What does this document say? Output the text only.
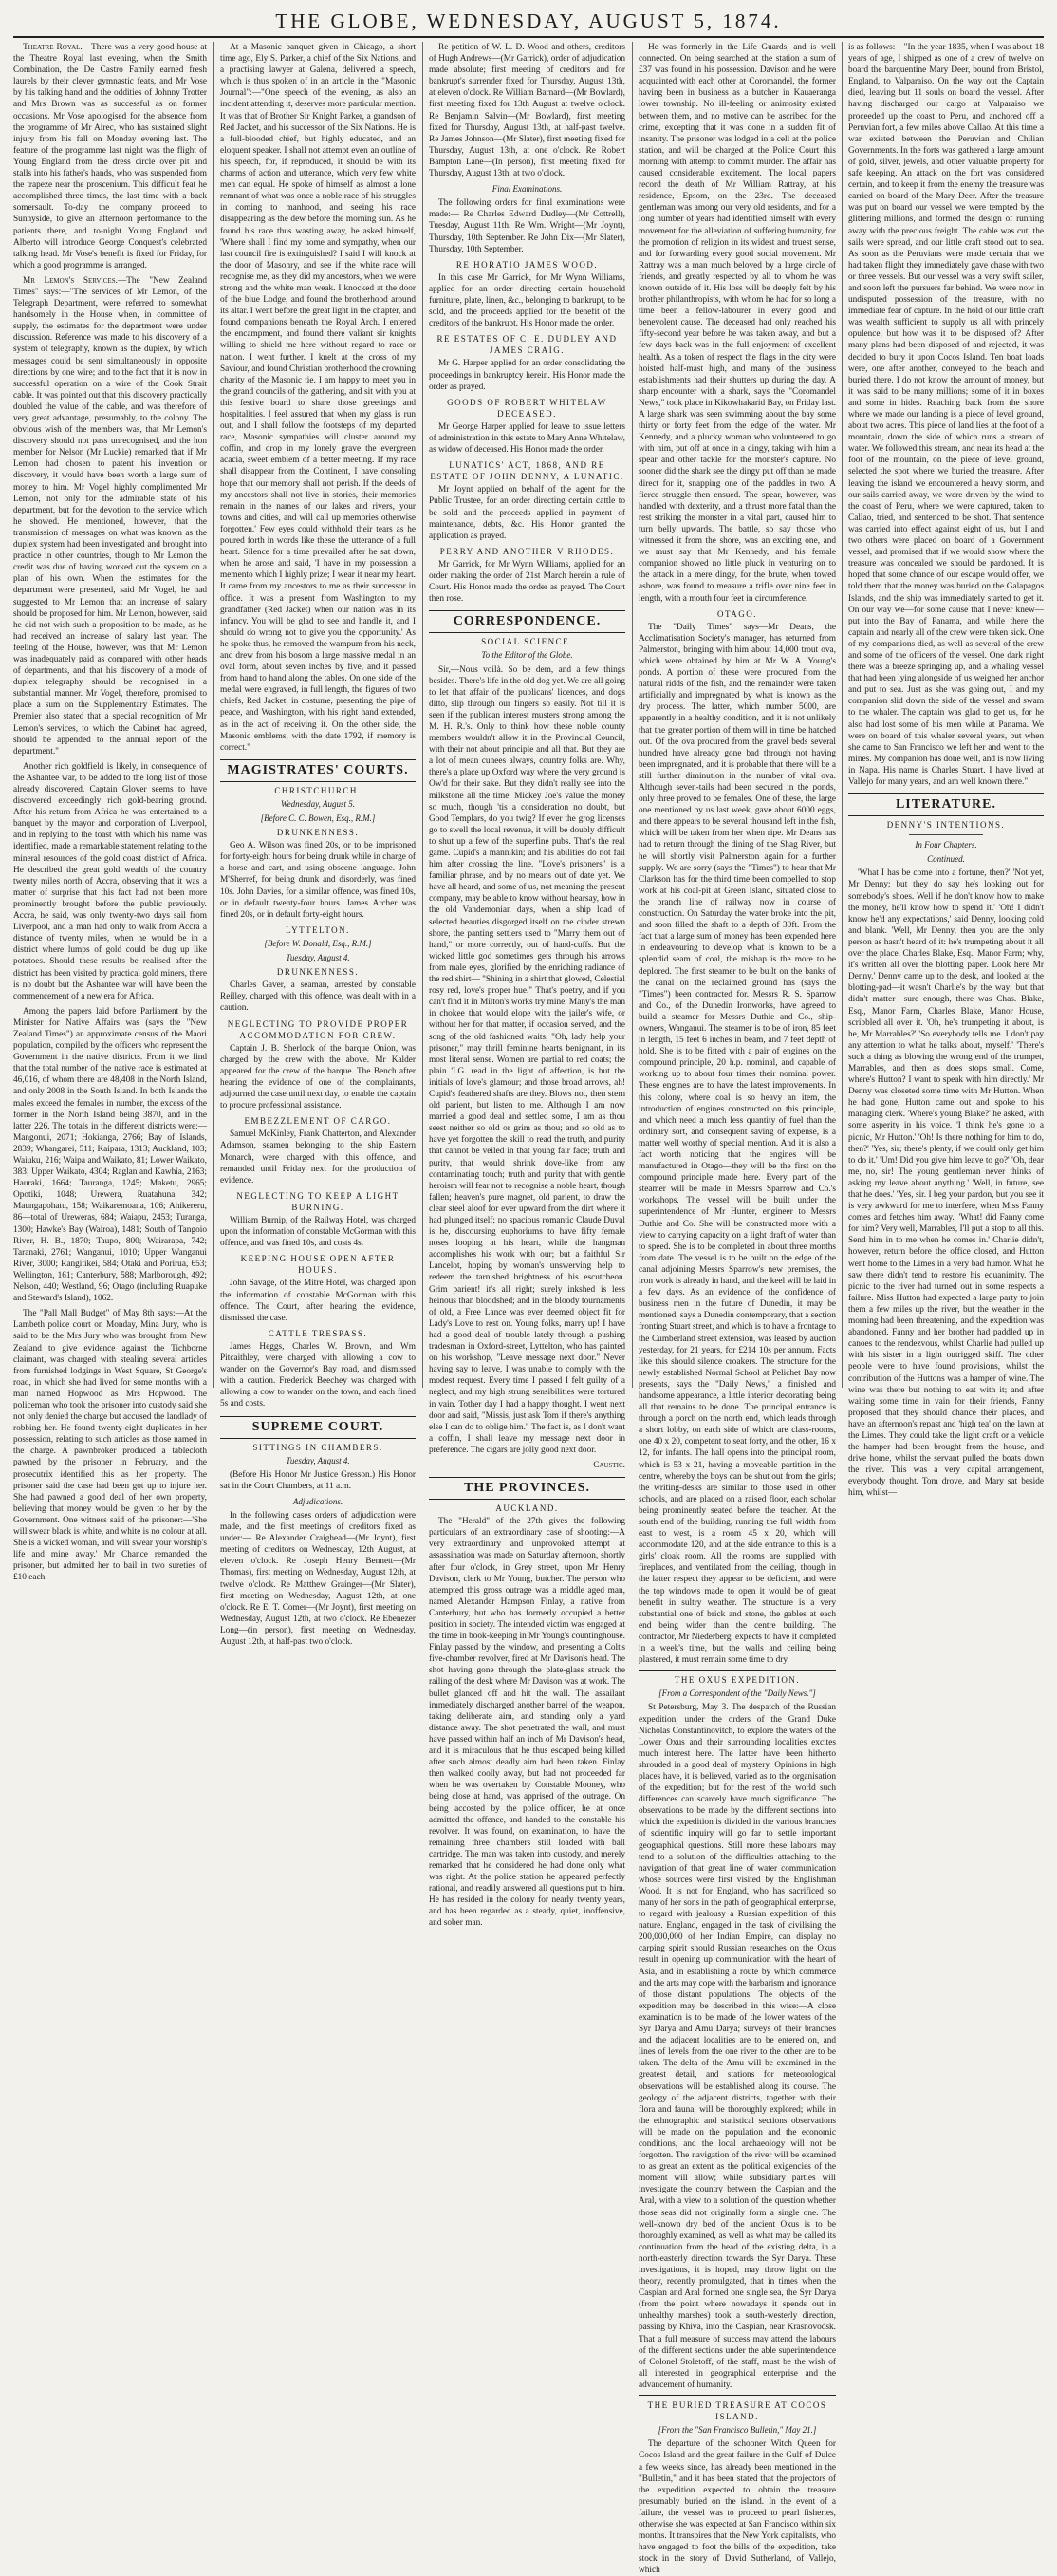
THE GLOBE, WEDNESDAY, AUGUST 5, 1874.

Theatre Royal.—There was a very good house at the Theatre Royal last evening, when the Smith Combination, the De Castro Family earned fresh laurels by their clever gymnastic feats, and Mr Vose by his talking hand and the oddities of Johnny Trotter and Mrs Brown was as successful as on former occasions. Mr Vose apologised for the absence from the programme of Mr Airec, who has sustained slight injury from his fall on Monday evening last. The feature of the programme last night was the flight of Young England from the dress circle over pit and stalls into his father's hands, who was suspended from the trapeze near the proscenium. This difficult feat he accomplished three times, the last time with a back somersault. To-day the company proceed to Sunnyside, to give an afternoon performance to the patients there, and to-night Young England and Alberto will introduce George Conquest's celebrated talking head. Mr Vose's benefit is fixed for Friday, for which a good programme is arranged.

Mr Lemon's Services.—The "New Zealand Times" says:—"The services of Mr Lemon, of the Telegraph Department, were referred to somewhat handsomely in the House when, in committee of supply, the estimates for the department were under discussion. Reference was made to his discovery of a system of telegraphy, known as the duplex, by which messages could be sent simultaneously in opposite directions by one wire; and to the fact that it is now in successful operation on a wire of the Cook Strait cable. It was pointed out that this discovery practically doubled the value of the cable, and was therefore of very great advantage, presumably, to the colony. The obvious wish of the members was, that Mr Lemon's discovery should not pass unrecognised, and the hon member for Nelson (Mr Luckie) remarked that if Mr Lemon had chosen to patent his invention or discovery, it would have been worth a large sum of money to him. Mr Vogel highly complimented Mr Lemon, not only for the admirable state of his department, but for the devotion to the service which he showed. He mentioned, however, that the transmission of messages on what was known as the duplex system had been investigated and brought into practice in other countries, though to Mr Lemon the credit was due of having worked out the system on a plan of his own. When the estimates for the department were presented, said Mr Vogel, he had suggested to Mr Lemon that an increase of salary should be proposed for him. Mr Lemon, however, said he did not wish such a proposition to be made, as he had received an increase of salary last year. The feeling of the House, however, was that Mr Lemon was inadequately paid as compared with other heads of departments, and that his discovery of a mode of duplex telegraphy should be recognised in a substantial manner. Mr Vogel, therefore, promised to place a sum on the Supplementary Estimates. The Premier also stated that a special recognition of Mr Lemon's services, to which the Cabinet had agreed, should be appended to the annual report of the department."

Another rich goldfield is likely, in consequence of the Ashantee war, to be added to the long list of those already discovered. Captain Glover seems to have discovered exceedingly rich gold-bearing ground. After his return from Africa he was entertained to a banquet by the mayor and corporation of Liverpool, and in replying to the toast with which his name was identified, made a remarkable statement relating to the mineral resources of the gold coast district of Africa. He described the great gold wealth of the country twenty miles north of Accra, observing that it was a matter of surprise that this fact had not been more prominently brought before the public previously. Accra, he said, was only twenty-two days sail from Liverpool, and a man had only to walk from Accra a distance of twenty miles, when he would be in a district where lumps of gold could be dug up like potatoes. Should these results be realised after the district has been visited by practical gold miners, there is no doubt but the Ashantee war will have been the commencement of a new era for Africa.

Among the papers laid before Parliament by the Minister for Native Affairs was (says the "New Zealand Times") an approximate census of the Maori population, compiled by the officers who represent the Government in the native districts. From it we find that the total number of the native race is estimated at 46,016, of whom there are 48,408 in the North Island, and only 2008 in the South Island. In both Islands the males exceed the females in number, the excess of the former in the North Island being 3870, and in the latter 226. The totals in the different districts were:—Mangonui, 2071; Hokianga, 2766; Bay of Islands, 2839; Whangarei, 511; Kaipara, 1313; Auckland, 103; Waiuku, 216; Waipa and Waikato, 81; Lower Waikato, 383; Upper Waikato, 4304; Raglan and Kawhia, 2163; Hauraki, 1664; Tauranga, 1245; Maketu, 2965; Opotiki, 1048; Urewera, Ruatahuna, 342; Maungapohatu, 158; Waikaremoana, 106; Ahikereru, 86—total of Ureweras, 684; Waiapu, 2453; Turanga, 1300; Hawke's Bay (Wairoa), 1481; South of Tangoio River, H. B., 1870; Taupo, 800; Wairarapa, 742; Taranaki, 2761; Wanganui, 1010; Upper Wanganui River, 3000; Rangitikei, 584; Otaki and Porirua, 653; Wellington, 161; Canterbury, 588; Marlborough, 492; Nelson, 440; Westland, 96; Otago (including Ruapuke and Steward's Island), 1062.

The "Pall Mall Budget" of May 8th says:—At the Lambeth police court on Monday, Mina Jury, who is said to be the Mrs Jury who was brought from New Zealand to give evidence against the Tichborne claimant, was charged with stealing several articles from furnished lodgings in West Square, St George's road, in which she had lived for some months with a man named Hopwood as Mrs Hopwood. The policeman who took the prisoner into custody said she not only denied the charge but accused the landlady of robbing her. He found twenty-eight duplicates in her possession, relating to such articles as those named in the charge. A pawnbroker produced a tablecloth pawned by the prisoner in February, and the prosecutrix identified this as her property. The prisoner said the case had been got up to injure her. She had pawned a good deal of her own property, believing that money would be given to her by the Government. One witness said of the prisoner:—'She will swear black is white, and white is no colour at all. She is a wicked woman, and will swear your worship's life and mine away.' Mr Chance remanded the prisoner, but admitted her to bail in two sureties of £10 each.

At a Masonic banquet given in Chicago, a short time ago, Ely S. Parker, a chief of the Six Nations, and a practising lawyer at Galena, delivered a speech, which is thus spoken of in an article in the "Masonic Journal":—"One speech of the evening, as also an incident attending it, deserves more particular mention. It was that of Brother Sir Knight Parker, a grandson of Red Jacket, and his successor of the Six Nations. He is a full-blooded chief, but highly educated, and an eloquent speaker. I shall not attempt even an outline of his speech, for, if reproduced, it should be with its charms of action and utterance, which very few white men can equal. He spoke of himself as almost a lone remnant of what was once a noble race of his struggles in coming to manhood, and seeing his race disappearing as the dew before the morning sun. As he found his race thus wasting away, he asked himself, 'Where shall I find my home and sympathy, when our last council fire is extinguished? I said I will knock at the door of Masonry, and see if the white race will recognise me, as they did my ancestors, when we were strong and the white man weak. I knocked at the door of the blue Lodge, and found the brotherhood around its altar. I went before the great light in the chapter, and found companions beneath the Royal Arch. I entered the encampment, and found there valiant sir knights willing to shield me here without regard to race or nation. I went further. I knelt at the cross of my Saviour, and found Christian brotherhood the crowning charity of the Masonic tie. I am happy to meet you in the grand councils of the gathering, and sit with you at this festive board to share those greetings and hospitalities. I feel assured that when my glass is run out, and I shall follow the footsteps of my departed race, Masonic sympathies will cluster around my coffin, and drop in my lonely grave the evergreen acacia, sweet emblem of a better meeting. If my race shall disappear from the Continent, I have consoling hope that our memory shall not perish. If the deeds of my ancestors shall not live in stories, their memories remain in the names of our lakes and rivers, your towns and cities, and will call up memories otherwise forgotten.' Few eyes could withhold their tears as he poured forth in words like these the utterance of a full heart. Silence for a time prevailed after he sat down, when he arose and said, 'I have in my possession a memento which I highly prize; I wear it near my heart. It came from my ancestors to me as their successor in office. It was a present from Washington to my grandfather (Red Jacket) when our nation was in its infancy. You will be glad to see and handle it, and I should do wrong not to give you the opportunity.' As he spoke thus, he removed the wampum from his neck, and drew from his bosom a large massive medal in an oval form, about seven inches by five, and it passed from hand to hand along the tables. On one side of the medal were engraved, in full length, the figures of two chiefs, Red Jacket, in costume, presenting the pipe of peace, and Washington, with his right hand extended, as in the act of receiving it. On the other side, the Masonic emblems, with the date 1792, if memory is correct."

MAGISTRATES' COURTS.
CHRISTCHURCH.
Wednesday, August 5.
[Before C. C. Bowen, Esq., R.M.]
DRUNKENNESS.

Geo A. Wilson was fined 20s, or to be imprisoned for forty-eight hours for being drunk while in charge of a horse and cart, and using obscene language. John M'Sherref, for being drunk and disorderly, was fined 10s. John Davies, for a similar offence, was fined 10s, or in default twenty-four hours. James Archer was fined 20s, or in default forty-eight hours.

LYTTELTON.
[Before W. Donald, Esq., R.M.]
Tuesday, August 4.
DRUNKENNESS.

Charles Gaver, a seaman, arrested by constable Reilley, charged with this offence, was dealt with in a caution.

NEGLECTING TO PROVIDE PROPER ACCOMMODATION FOR CREW.

Captain J. B. Sherlock of the barque Onion, was charged by the crew with the above. Mr Kalder appeared for the crew of the barque. The Bench after hearing the evidence of one of the complainants, adjourned the case until next day, to enable the captain to procure professional assistance.

EMBEZZLEMENT OF CARGO.

Samuel McKinley, Frank Chatterton, and Alexander Adamson, seamen belonging to the ship Eastern Monarch, were charged with this offence, and remanded until Friday next for the production of evidence.

NEGLECTING TO KEEP A LIGHT BURNING.

William Burnip, of the Railway Hotel, was charged upon the information of constable McGorman with this offence, and was fined 10s, and costs 4s.

KEEPING HOUSE OPEN AFTER HOURS.

John Savage, of the Mitre Hotel, was charged upon the information of constable McGorman with this offence. The Court, after hearing the evidence, dismissed the case.

CATTLE TRESPASS.

James Heggs, Charles W. Brown, and Wm Pitcaithley, were charged with allowing a cow to wander on the Governor's Bay road, and dismissed with a caution. Frederick Beechey was charged with allowing a cow to wander on the town, and each fined 5s and costs.

SUPREME COURT.
SITTINGS IN CHAMBERS.
Tuesday, August 4.

(Before His Honor Mr Justice Gresson.) His Honor sat in the Court Chambers, at 11 a.m.

Adjudications.

In the following cases orders of adjudication were made, and the first meetings of creditors fixed as under:— Re Alexander Craighead—(Mr Joynt), first meeting of creditors on Wednesday, 12th August, at eleven o'clock. Re Joseph Henry Bennett—(Mr Thomas), first meeting on Wednesday, August 12th, at twelve o'clock. Re Matthew Grainger—(Mr Slater), first meeting on Wednesday, August 12th, at one o'clock. Re E. T. Comer—(Mr Joynt), first meeting on Wednesday, August 12th, at two o'clock. Re Ebenezer Long—(in person), first meeting on Wednesday, August 12th, at half-past two o'clock.

Re petition of W. L. D. Wood and others, creditors of Hugh Andrews—(Mr Garrick), order of adjudication made absolute; first meeting of creditors and for bankrupt's surrender fixed for Thursday, August 13th, at eleven o'clock. Re William Barnard—(Mr Bowlard), first meeting fixed for 13th August at twelve o'clock. Re Benjamin Salvin—(Mr Bowlard), first meeting fixed for Thursday, August 13th, at half-past twelve. Re James Johnson—(Mr Slater), first meeting fixed for Thursday, August 13th, at one o'clock. Re Robert Bampton Lane—(In person), first meeting fixed for Thursday, August 13th, at two o'clock.

Final Examinations.

The following orders for final examinations were made:— Re Charles Edward Dudley—(Mr Cottrell), Tuesday, August 11th. Re Wm. Wright—(Mr Joynt), Thursday, 10th September. Re John Dix—(Mr Slater), Thursday, 10th September.

RE HORATIO JAMES WOOD.

In this case Mr Garrick, for Mr Wynn Williams, applied for an order directing certain household furniture, plate, linen, &c., belonging to bankrupt, to be sold, and the proceeds applied for the benefit of the creditors of the bankrupt. His Honor made the order.

RE ESTATES OF C. E. DUDLEY AND JAMES CRAIG.

Mr G. Harper applied for an order consolidating the proceedings in bankruptcy herein. His Honor made the order as prayed.

GOODS OF ROBERT WHITELAW DECEASED.

Mr George Harper applied for leave to issue letters of administration in this estate to Mary Anne Whitelaw, as widow of deceased. His Honor made the order.

LUNATICS' ACT, 1868, AND RE ESTATE OF JOHN DENNY, A LUNATIC.

Mr Joynt applied on behalf of the agent for the Public Trustee, for an order directing certain cattle to be sold and the proceeds applied in payment of maintenance, debts, &c. His Honor granted the application as prayed.

PERRY AND ANOTHER V RHODES.

Mr Garrick, for Mr Wynn Williams, applied for an order making the order of 21st March herein a rule of Court. His Honor made the order as prayed. The Court then rose.

CORRESPONDENCE.
SOCIAL SCIENCE.
To the Editor of the Globe.

Sir,—Nous voilà. So be dem, and a few things besides. There's life in the old dog yet. We are all going to let that affair of the publicans' licences, and dogs ditto, slip through our fingers so easily. Not till it is seen if the publican interest musters strong among the M. H. R.'s. Only to think how these noble county members wouldn't allow it in the Provincial Council, with their not about principle and all that. But they are a lot of mean cunees always, country folks are. Why, there's a place up Oxford way where the very ground is Ow'd for their sake. But they didn't really see into the milkstone all the time. Mickey Joe's value the money so much, though 'tis a consideration no doubt, but Good Templars, do you twig? If ever the grog licenses go to swell the local revenue, it will be doubly difficult to shut up a few of the superfine pubs. That's the real game. Cupid's a mannikin; and his abilities do not fail him after crossing the line. "Love's prisoners" is a familiar phrase, and by no means out of date yet. We have all heard, and some of us, not meaning the present company, may be able to know without hearsay, how in the old Vandemonian days, when a ship load of selected beauties disgorged itself on the cinder strewn shore, the panting settlers used to "Marry them out of hand," or more correctly, out of hand-cuffs. But the wicked little god sometimes gets through his arrows from male eyes, glorified by the enriching radiance of the red shirt— "Shining in a shirt that glowed, Celestial rosy red, love's proper hue." That's poetry, and if you can't find it in Milton's works try mine. Many's the man in chokee that would elope with the jailer's wife, or without her for that matter, if occasion served, and the song of the old fashioned waits, "Oh, lady help your prisoner," may thrill feminine hearts benignant, in its most literal sense. Women are partial to red coats; the plain 'I.G. read in the light of affection, is but the initials of love's glamour; and those broad arrows, ah! Cupid's feathered shafts are they. Blows not, then stern old parient, but listen to me. Although I am now married a good deal and settled some, I am as thou seest neither so old or grim as thou; and so old as to have yet forgotten the skill to read the truth, and purity that cannot be veiled in that young fair face; truth and purity, that would shrink dove-like from any contaminating touch; truth and purity that with gentle heroism will fear not to recognise a noble heart, though fallen; heaven's pure magnet, old parient, to draw the clear steel aloof for ever upward from the dirt where it had plunged itself; no spacious romantic Claude Duval is he, discoursing euphoriums to have fifty female noses looping at his heart, while the hangman accomplishes his work with our; but a faithful Sir Lancelot, hoping by woman's unswerving help to redeem the tarnished brightness of his escutcheon. Grim parient! it's all right; surely inkshed is less heinous than bloodshed; and in the bloody tournaments of old, a Free Lance was ever deemed object fit for Lady's Love to rest on. Young folks, marry up! I have had a good deal of trouble lately through a pushing tradesman in Oxford-street, Lyttelton, who has painted on his workshop, "Leave message next door." Never having say to leave, I was unable to comply with the modest request. Every time I passed I felt guilty of a neglect, and my high strung sensibilities were tortured in vain. Tother day I had a happy thought. I went next door and said, "Missis, just ask Tom if there's anything else I can do to oblige him." The fact is, as I don't want a coffin, I shall leave my message next door in preference. The cigars are jolly good next door.

Caustic.
THE PROVINCES.
AUCKLAND.

The "Herald" of the 27th gives the following particulars of an extraordinary case of shooting:—A very extraordinary and unprovoked attempt at assassination was made on Saturday afternoon, shortly after four o'clock, in Grey street, upon Mr Henry Davison, clerk to Mr Young, butcher. The person who attempted this gross outrage was a middle aged man, named Alexander Hampson Finlay, a native from Canterbury, but who has formerly occupied a better position in society. The intended victim was engaged at the time in book-keeping in Mr Young's countinghouse. Finlay passed by the window, and presenting a Colt's five-chamber revolver, fired at Mr Davison's head. The shot having gone through the plate-glass struck the railing of the desk where Mr Davison was at work. The bullet glanced off and hit the wall. The assailant immediately discharged another barrel of the weapon, taking deliberate aim, and standing only a yard distance away. The shot penetrated the wall, and must have passed within half an inch of Mr Davison's head, and it is miraculous that he thus escaped being killed after such almost deadly aim had been taken. Finlay then walked coolly away, but had not proceeded far when he was overtaken by Constable Mooney, who being close at hand, was apprised of the outrage. On being accosted by the police officer, he at once admitted the offence, and handed to the constable his revolver. It was found, on examination, to have the remaining three chambers still loaded with ball cartridge. The man was taken into custody, and merely remarked that he considered he had done only what was right. At the police station he appeared perfectly rational, and readily answered all questions put to him. He has resided in the colony for nearly twenty years, and has been regarded as a steady, quiet, inoffensive, and sober man.

He was formerly in the Life Guards, and is well connected. On being searched at the station a sum of £37 was found in his possession. Davison and he were acquainted with each other at Coromandel, the former having been in business as a butcher in Kauaeranga lower township. No ill-feeling or animosity existed between them, and no motive can be ascribed for the crime, excepting that it was done in a sudden fit of insanity. The prisoner was lodged in a cell at the police station, and will be charged at the Police Court this morning with attempt to commit murder. The affair has caused considerable excitement. The local papers record the death of Mr William Rattray, at his residence, Epsom, on the 23rd. The deceased gentleman was among our very old residents, and for a long number of years had identified himself with every movement for the alleviation of suffering humanity, for the promotion of religion in its widest and truest sense, and for forwarding every good social movement. Mr Rattray was a man much beloved by a large circle of friends, and greatly respected by all to whom he was known outside of it. His loss will be deeply felt by his brother philanthropists, with whom he had for so long a time been a fellow-labourer in every good and benevolent cause. The deceased had only reached his fifty-second year before he was taken away, and but a few days back was in the full enjoyment of excellent health. As a token of respect the flags in the city were hoisted half-mast high, and many of the business establishments had their shutters up during the day. A sharp encounter with a shark, says the "Coromandel News," took place in Kikowhakarid Bay, on Friday last. A large shark was seen swimming about the bay some thirty or forty feet from the edge of the water. Mr Kennedy, and a plucky woman who volunteered to go with him, put off at once in a dingy, taking with him a spear and other tackle for the monster's capture. No sooner did the shark see the dingy put off than he made direct for it, snapping one of the paddles in two. A fierce struggle then ensued. The spear, however, was handled with dexterity, and a thrust more fatal than the rest striking the monster in a vital part, caused him to turn belly upwards. The battle, so say those who witnessed it from the shore, was an exciting one, and we must say that Mr Kennedy, and his female companion showed no little pluck in venturing on to the attack in a mere dingy, for the brute, when towed ashore, was found to measure a trifle over nine feet in length, with a mouth four feet in circumference.

OTAGO.

The "Daily Times" says—Mr Deans, the Acclimatisation Society's manager, has returned from Palmerston, bringing with him about 14,000 trout ova, which were obtained by him at Mr W. A. Young's ponds. A portion of these were procured from the natural ridds of the fish, and the remainder were taken artificially and impregnated by what is known as the dry process. The latter, which number 5000, are apparently in a healthy condition, and it is not unlikely that the greater portion of them will in time be hatched out. Of the ova procured from the gravel beds several hundred have already gone bad through not having been impregnated, and it is probable that there will be a still further diminution in the number of vital ova. Although seven-tails had been secured in the ponds, only three proved to be females. One of these, the large one mentioned by us last week, gave about 6000 eggs, and there appears to be several thousand left in the fish, which will be taken from her when ripe. Mr Deans has had to return through the dining of the Shag River, but he will shortly visit Palmerston again for a further supply. We are sorry (says the "Times") to hear that Mr Clarkson has for the third time been compelled to stop work at his coal-pit at Green Island, situated close to the branch line of railway now in course of construction. On Saturday the water broke into the pit, and soon filled the shaft to a depth of 30ft. From the fact that a large sum of money has been expended here in endeavouring to develop what is known to be a splendid seam of coal, the mishap is the more to be deplored. The first steamer to be built on the banks of the canal on the reclaimed ground has (says the "Times") been contracted for. Messrs R. S. Sparrow and Co., of the Dunedin Ironworks, have agreed to build a steamer for Messrs Duthie and Co., ship-owners, Wanganui. The steamer is to be of iron, 85 feet in length, 15 feet 6 inches in beam, and 7 feet depth of hold. She is to be fitted with a pair of engines on the compound principle, 20 h.p. nominal, and capable of working up to about four times their nominal power. These engines are to have the latest improvements. In this colony, where coal is so heavy an item, the introduction of engines constructed on this principle, and which need a much less quantity of fuel than the ordinary sort, and consequent saving of expense, is a matter well worthy of special mention. And it is also a fact worth noticing that the engines will be manufactured in Otago—they will be the first on the compound principle made here. Every part of the steamer will be made in Messrs Sparrow and Co.'s workshops. The vessel will be built under the superintendence of Mr Hunter, engineer to Messrs Duthie and Co. She will be constructed more with a view to carrying capacity on a light draft of water than to speed. She is to be completed in about three months from date. The vessel is to be built on the edge of the canal adjoining Messrs Sparrow's new premises, the iron work is already in hand, and the keel will be laid in a few days. As an evidence of the confidence of business men in the future of Dunedin, it may be mentioned, says a Dunedin contemporary, that a section fronting Stuart street, and which is to have a frontage to the Cumberland street extension, was leased by auction yesterday, for 21 years, for £214 10s per annum. Facts like this should silence croakers. The structure for the newly established Normal School at Pelichet Bay now presents, says the "Daily News," a finished and handsome appearance, a little interior decorating being all that remains to be done. The principal entrance is through a porch on the north end, which leads through a short lobby, on each side of which are class-rooms, one 40 x 20, competent to seat forty, and the other, 16 x 12, for infants. The hall opens into the principal room, which is 53 x 21, having a moveable partition in the centre, whereby the boys can be shut out from the girls; the writing-desks are similar to those used in other schools, and are placed on a raised floor, each scholar being prominently seated before the teacher. At the south end of the building, running the full width from east to west, is a room 45 x 20, which will accommodate 120, and at the side entrance to this is a girls' cloak room. All the rooms are supplied with fireplaces, and ventilated from the ceiling, though in the latter respect they appear to be deficient, and were the top windows made to open it would be of great benefit in sultry weather. The structure is a very substantial one of brick and stone, the gables at each end being wider than the centre building. The contractor, Mr Niederberg, expects to have it completed in a week's time, but the walls and ceiling being plastered, it must remain some time to dry.

THE OXUS EXPEDITION.
[From a Correspondent of the "Daily News."]

St Petersburg, May 3. The despatch of the Russian expedition, under the orders of the Grand Duke Nicholas Constantinovitch, to explore the waters of the Lower Oxus and their surrounding localities excites much interest here. The latter have been hitherto shrouded in a good deal of mystery. Opinions in high places have, it is believed, varied as to the organisation of the expedition; but for the rest of the world such differences can scarcely have much significance. The observations to be made by the different sections into which the expedition is divided in the various branches of scientific inquiry will go far to settle important geographical questions. Still more these labours may tend to a solution of the difficulties attaching to the navigation of that great line of water communication whose sources were first visited by the Englishman Wood. It is not for England, who has sacrificed so many of her sons in the path of geographical enterprise, to regard with jealousy a Russian expedition of this nature. England, engaged in the task of civilising the 200,000,000 of her Indian Empire, can display no carping spirit should Russian researches on the Oxus result in opening up communication with the heart of Asia, and in establishing a route by which commerce and the arts may cope with the barbarism and ignorance of those distant populations. The objects of the expedition may be described in this wise:—A close examination is to be made of the lower waters of the Syr Darya and Amu Darya; surveys of their branches and the adjacent localities are to be entered on, and lines of levels from the one river to the other are to be taken. The delta of the Amu will be examined in the greatest detail, and stations for meteorological observations will be established along its course. The geology of the adjacent districts, together with their flora and fauna, will be thoroughly explored; while in the ethnographic and statistical sections observations will be made on the population and the economic conditions, and the local archaeology will not be forgotten. The navigation of the river will be examined to as great an extent as the political exigencies of the moment will allow; while subsidiary parties will investigate the country between the Caspian and the Aral, with a view to a solution of the question whether those seas did not originally form a single one. The well-known dry bed of the ancient Oxus is to be thoroughly examined, as well as what may be called its continuation from the head of the existing delta, in a north-easterly direction towards the Syr Darya. These investigations, it is hoped, may throw light on the theory, recently promulgated, that in times when the Caspian and Aral formed one single sea, the Syr Darya (from the point where nowadays it spends out in unhealthy marshes) took a south-westerly direction, passing by Khiva, into the Caspian, near Krasnovodsk. That a full measure of success may attend the labours of the different sections under the able superintendence of Colonel Stoletoff, of the staff, must be the wish of all interested in geographical enterprise and the advancement of humanity.

THE BURIED TREASURE AT COCOS ISLAND.
[From the "San Francisco Bulletin," May 21.]

The departure of the schooner Witch Queen for Cocos Island and the great failure in the Gulf of Dulce a few weeks since, has already been mentioned in the "Bulletin," and it has been stated that the projectors of the expedition expected to obtain the treasure presumably buried on the island. In the event of a failure, the vessel was to proceed to pearl fisheries, otherwise she was expected at San Francisco within six months. It transpires that the New York capitalists, who have engaged to foot the bills of the expedition, take stock in the story of David Sutherland, of Vallejo, which

is as follows:—"In the year 1835, when I was about 18 years of age, I shipped as one of a crew of twelve on board the barquentine Mary Deer, bound from Bristol, England, to Valparaiso. On the way out the Captain died, leaving but 11 souls on board the vessel. After having discharged our cargo at Valparaiso we proceeded up the coast to Peru, and anchored off a Peruvian fort, a few miles above Callao. At this time a war existed between the Peruvian and Chilian Governments. In the forts was gathered a large amount of gold, silver, jewels, and other valuable property for safe keeping. An attack on the fort was considered certain, and to keep it from the enemy the treasure was carried on board of the Mary Deer. After the treasure was put on board our vessel we were tempted by the glittering millions, and formed the design of running away with the precious freight. The cable was cut, the sails were spread, and our little craft stood out to sea. As soon as the Peruvians were made certain that we had taken flight they immediately gave chase with two or three vessels. But our vessel was a very swift sailer, and soon left the pursuers far behind. We were now in undisputed possession of the treasure, with no immediate fear of capture. In the hold of our little craft was wealth sufficient to supply us all with princely opulence, but how was it to be disposed of? After many plans had been disposed of and rejected, it was decided to bury it upon Cocos Island. Ten boat loads were, one after another, conveyed to the beach and buried there. I do not know the amount of money, but it was said to be many millions; some of it in boxes and some in hides. Reaching back from the shore where we made our landing is a piece of level ground, about two acres. This piece of land lies at the foot of a mountain, down the side of which runs a stream of water. We followed this stream, and near its head at the foot of the mountain, on the piece of level ground, selected the spot where we buried the treasure. After leaving the island we encountered a heavy storm, and our sails carried away, we were driven by the wind to the coast of Peru, where we were captured, taken to Callao, tried, and sentenced to be shot. That sentence was carried into effect against eight of us, but I and two others were placed on board of a Government vessel, and promised that if we would show where the treasure was concealed we should be pardoned. It is hoped that some chance of our escape would offer, we told them that the money was buried on the Galapagos Islands, and the ship was immediately started to get it. On our way we—for some cause that I never knew—put into the Bay of Panama, and while there the captain and nearly all of the crew were taken sick. One of my companions died, as well as several of the crew and some of the officers of the vessel. One dark night there was a breeze springing up, and a whaling vessel that had been lying alongside of us weighed her anchor and put to sea. Just as she was going out, I and my companion slid down the side of the vessel and swam to the whaler. The captain was glad to get us, for he also had lost some of his men while at Panama. We were on board of this whaler several years, but when she came to San Francisco we left her and went to the mines. My companion has done well, and is now living in Napa. His name is Charles Stuart. I have lived at Vallejo for many years, and am well known there."

LITERATURE.
DENNY'S INTENTIONS.
In Four Chapters.
Continued.

'What I has be come into a fortune, then?' 'Not yet, Mr Denny; but they do say he's looking out for somebody's shoes. Well if he don't know how to make the money, he'll know how to spend it.' 'Oh! I didn't know he'd any expectations,' said Denny, looking cold and blank. 'Well, Mr Denny, then you are the only person as hasn't heard of it: he's trumpeting about it all over the place. Charles Blake, Esq., Manor Farm; why, it's written all over the blotting paper. Look here Mr Denny.' Denny came up to the desk, and looked at the blotting-pad—it wasn't Charlie's by the way; but that didn't matter—sure enough, there was Chas. Blake, Esq., Manor Farm, Charles Blake, Manor House, scribbled all over it. 'Oh, he's trumpeting it about, is he, Mr Marrables?' 'So everybody tells me. I don't pay any attention to what he talks about, myself.' 'There's such a thing as blowing the wrong end of the trumpet, Marrables, and then as does stops small. Come, where's Hutton? I want to speak with him directly.' Mr Denny was closeted some time with Mr Hutton. When he had gone, Hutton came out and spoke to his managing clerk. 'Where's young Blake?' he asked, with some asperity in his voice. 'I think he's gone to a picnic, Mr Hutton.' 'Oh! Is there nothing for him to do, then?' 'Yes, sir; there's plenty, if we could only get him to do it.' 'Um! Did you give him leave to go?' 'Oh, dear me, no, sir! The young gentleman never thinks of asking my leave about anything.' 'Well, in future, see that he does.' 'Yes, sir. I beg your pardon, but you see it is very awkward for me to interfere, when Miss Fanny comes and fetches him away.' 'What! did Fanny come for him? Very well, Marrables, I'll put a stop to all this. Send him in to me when he comes in.' Charlie didn't, however, return before the office closed, and Hutton went home to the Limes in a very bad humor. What he saw there didn't tend to restore his equanimity. The picnic to the river had turned out in some respects a failure. Miss Hutton had expected a large party to join them a few miles up the river, but the weather in the morning had been threatening, and the expedition was abandoned. Fanny and her brother had paddled up in canoes to the rendezvous, whilst Charlie had pulled up with his sister in a light outrigged skiff. The other people were to have found provisions, whilst the contribution of the Huttons was a hamper of wine. The wine was there but nothing to eat with it; and after waiting some time in vain for their friends, Fanny proposed that they should chance their places, and have an afternoon's repast and 'high tea' on the lawn at the Limes. They could take the light craft or a vehicle the hamper had been brought from the house, and drive home, whilst the servant pulled the boats down the river. This was a very capital arrangement, everybody thought. Tom drove, and Mary sat beside him, whilst—
